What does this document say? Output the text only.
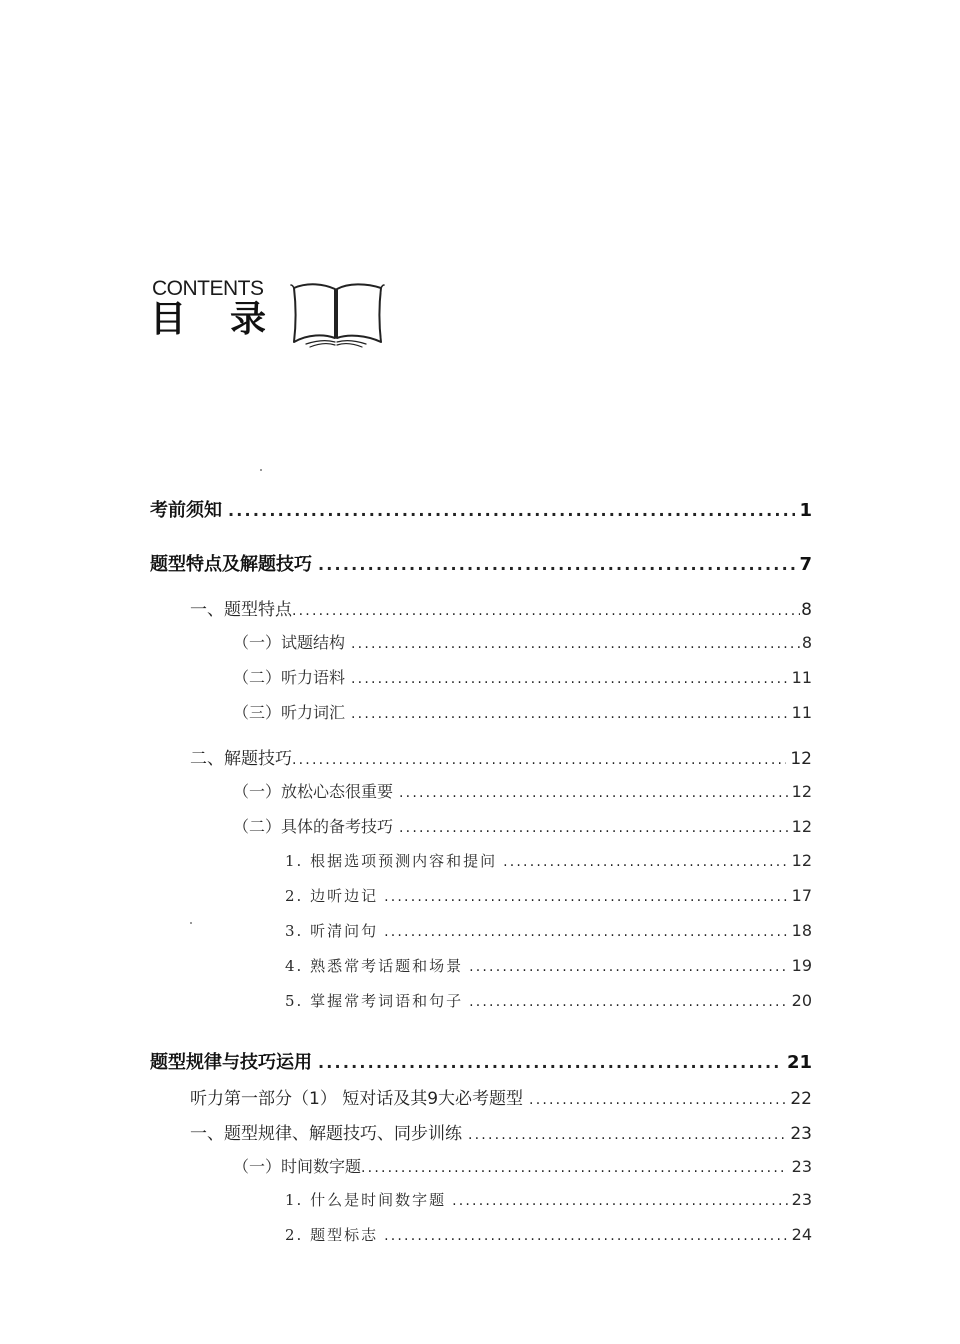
CONTENTS
目 录
考前须知 .....	1
题型特点及解题技巧 .....	7
一、题型特点 .....	8
（一）试题结构 .....	8
（二）听力语料 .....	11
（三）听力词汇 .....	11
二、解题技巧 .....	12
（一）放松心态很重要 .....	12
（二）具体的备考技巧 .....	12
1. 根据选项预测内容和提问 .....	12
2. 边听边记 .....	17
3. 听清问句 .....	18
4. 熟悉常考话题和场景 .....	19
5. 掌握常考词语和句子 .....	20
题型规律与技巧运用 .....	21
听力第一部分（1） 短对话及其9大必考题型 .....	22
一、题型规律、解题技巧、同步训练 .....	23
（一）时间数字题 .....	23
1. 什么是时间数字题 .....	23
2. 题型标志 .....	24
